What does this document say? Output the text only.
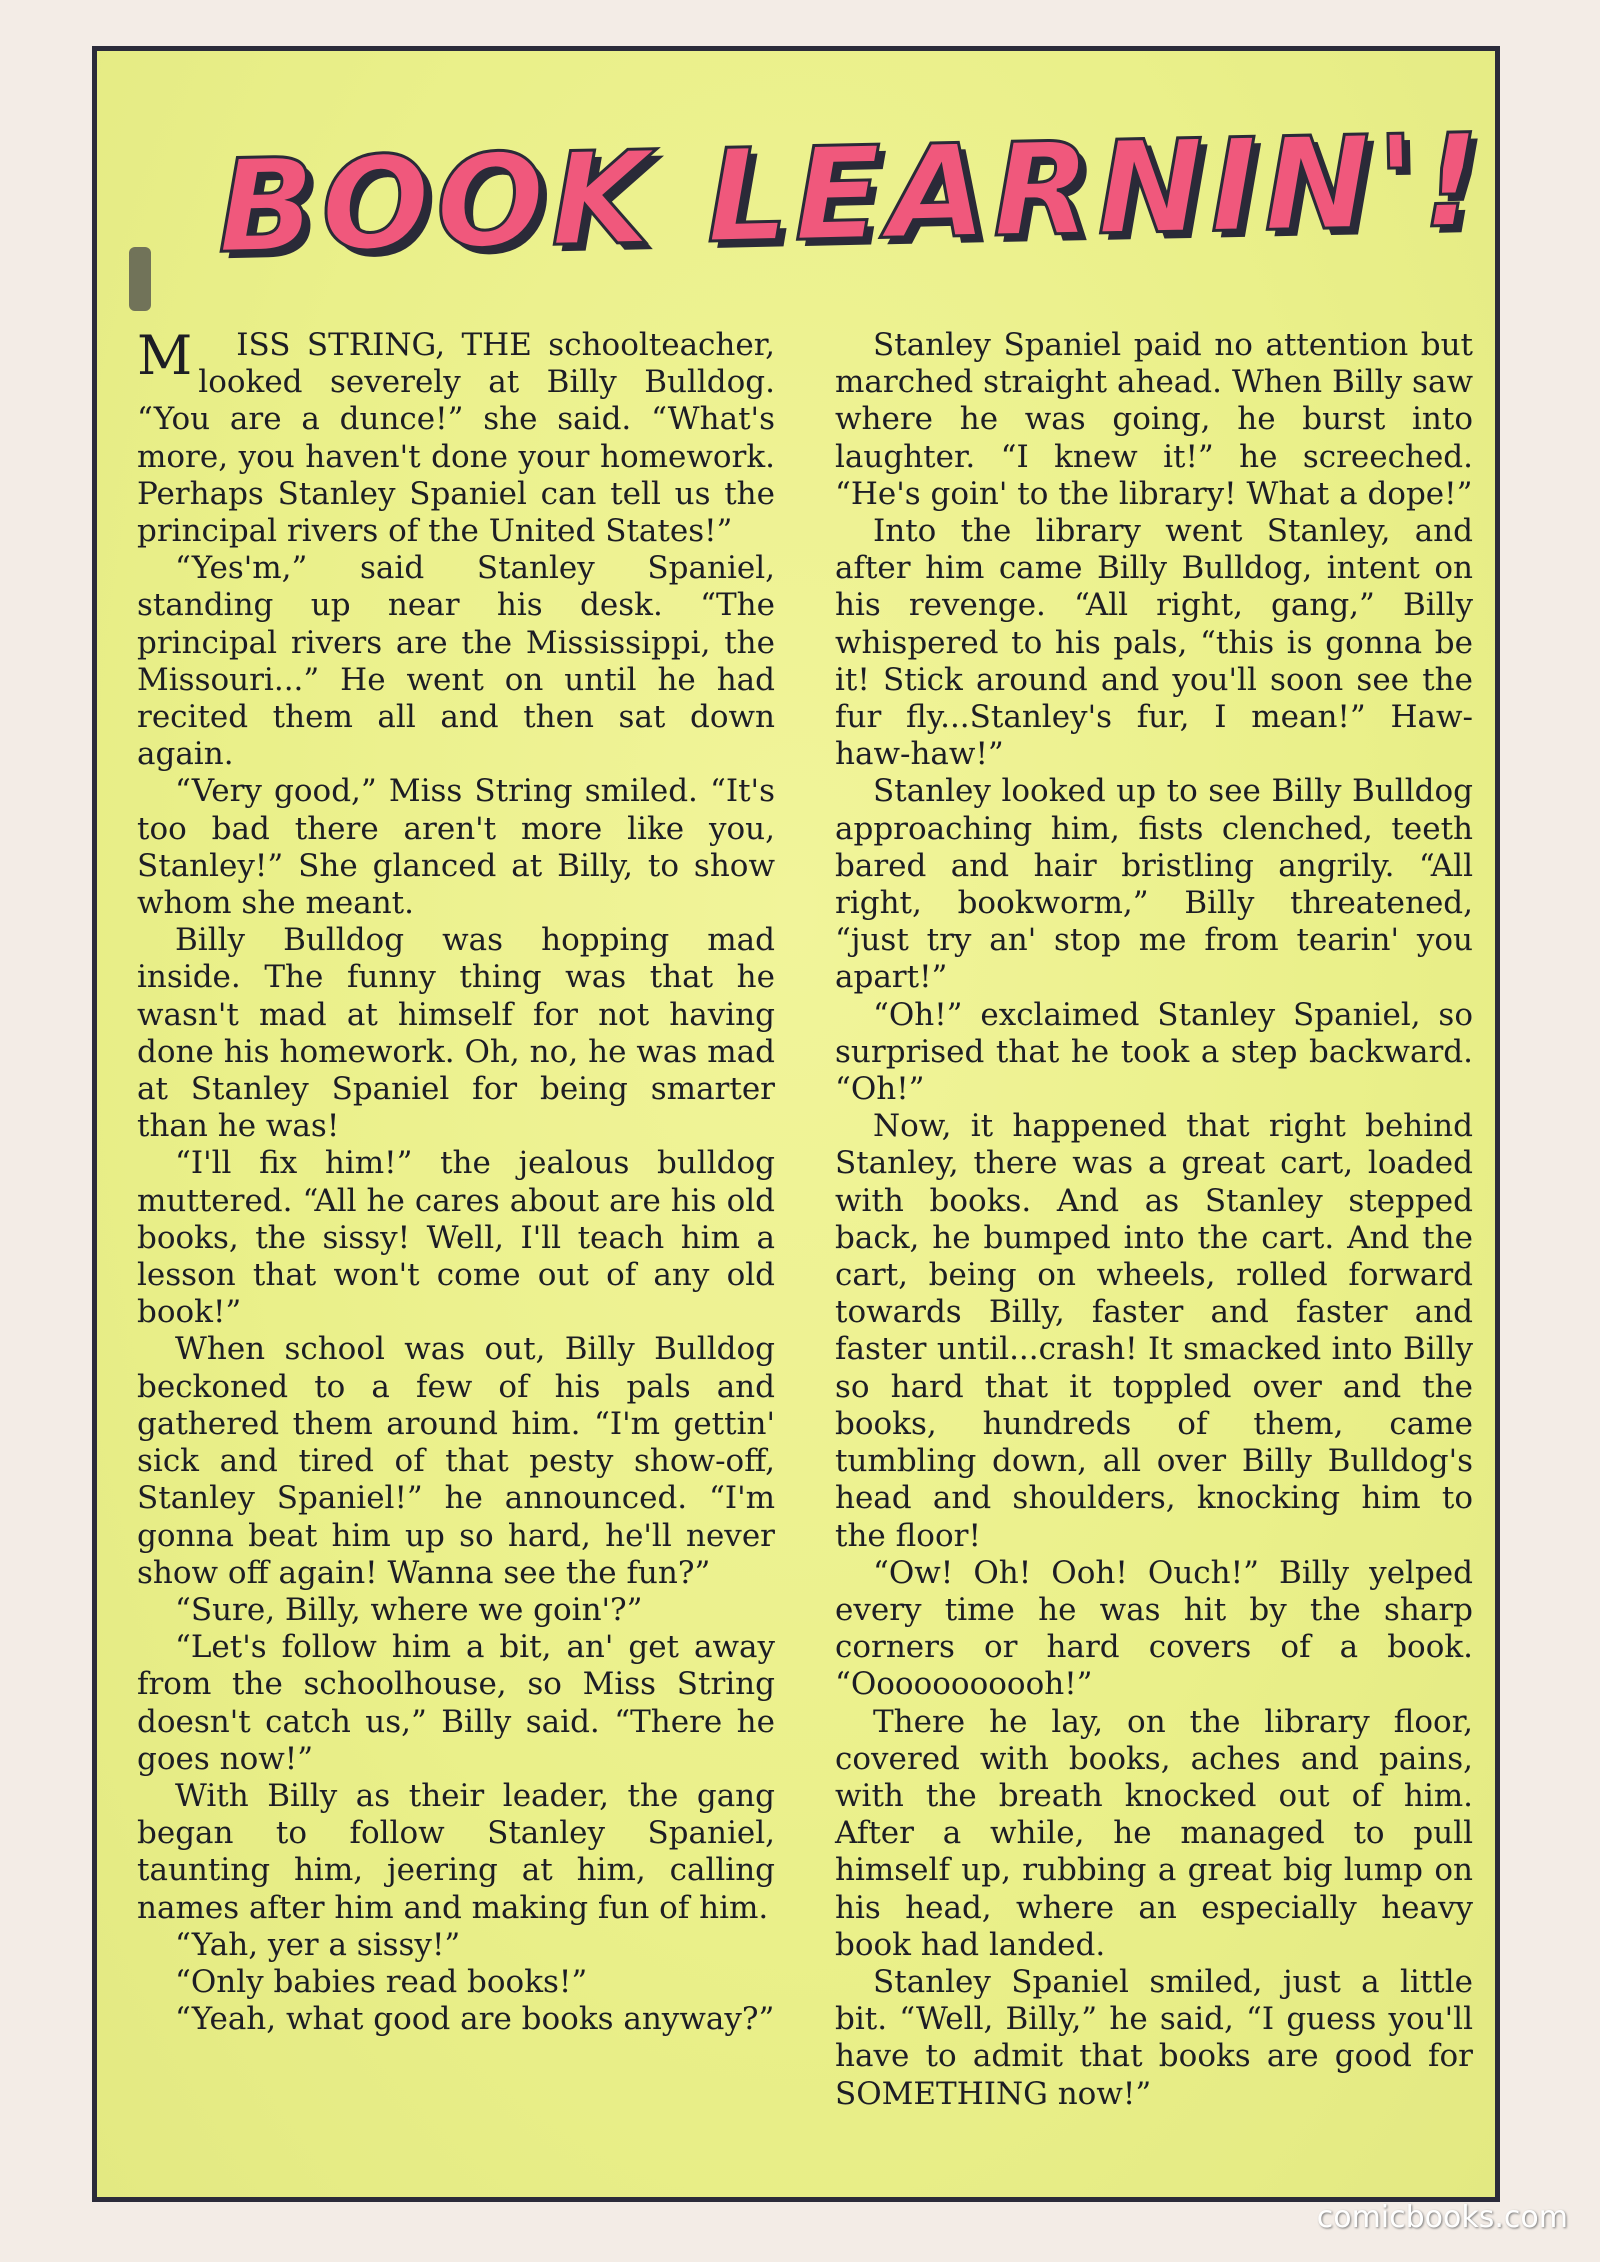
BOOK LEARNIN'!

M ISS STRING, THE schoolteacher, looked severely at Billy Bulldog. “You are a dunce!” she said. “What's more, you haven't done your homework. Perhaps Stanley Spaniel can tell us the principal rivers of the United States!”

“Yes'm,” said Stanley Spaniel, standing up near his desk. “The principal rivers are the Mississippi, the Missouri...” He went on until he had recited them all and then sat down again.

“Very good,” Miss String smiled. “It's too bad there aren't more like you, Stanley!” She glanced at Billy, to show whom she meant.

Billy Bulldog was hopping mad inside. The funny thing was that he wasn't mad at himself for not having done his homework. Oh, no, he was mad at Stanley Spaniel for being smarter than he was!

“I'll fix him!” the jealous bulldog muttered. “All he cares about are his old books, the sissy! Well, I'll teach him a lesson that won't come out of any old book!”

When school was out, Billy Bulldog beckoned to a few of his pals and gathered them around him. “I'm gettin' sick and tired of that pesty show-off, Stanley Spaniel!” he announced. “I'm gonna beat him up so hard, he'll never show off again! Wanna see the fun?”

“Sure, Billy, where we goin'?”

“Let's follow him a bit, an' get away from the schoolhouse, so Miss String doesn't catch us,” Billy said. “There he goes now!”

With Billy as their leader, the gang began to follow Stanley Spaniel, taunting him, jeering at him, calling names after him and making fun of him.

“Yah, yer a sissy!”

“Only babies read books!”

“Yeah, what good are books anyway?”

Stanley Spaniel paid no attention but marched straight ahead. When Billy saw where he was going, he burst into laughter. “I knew it!” he screeched. “He's goin' to the library! What a dope!”

Into the library went Stanley, and after him came Billy Bulldog, intent on his revenge. “All right, gang,” Billy whispered to his pals, “this is gonna be it! Stick around and you'll soon see the fur fly...Stanley's fur, I mean!” Haw-haw-haw!”

Stanley looked up to see Billy Bulldog approaching him, fists clenched, teeth bared and hair bristling angrily. “All right, bookworm,” Billy threatened, “just try an' stop me from tearin' you apart!”

“Oh!” exclaimed Stanley Spaniel, so surprised that he took a step backward. “Oh!”

Now, it happened that right behind Stanley, there was a great cart, loaded with books. And as Stanley stepped back, he bumped into the cart. And the cart, being on wheels, rolled forward towards Billy, faster and faster and faster until...crash! It smacked into Billy so hard that it toppled over and the books, hundreds of them, came tumbling down, all over Billy Bulldog's head and shoulders, knocking him to the floor!

“Ow! Oh! Ooh! Ouch!” Billy yelped every time he was hit by the sharp corners or hard covers of a book. “Ooooooooooh!”

There he lay, on the library floor, covered with books, aches and pains, with the breath knocked out of him. After a while, he managed to pull himself up, rubbing a great big lump on his head, where an especially heavy book had landed.

Stanley Spaniel smiled, just a little bit. “Well, Billy,” he said, “I guess you'll have to admit that books are good for SOMETHING now!”

comicbooks.com
